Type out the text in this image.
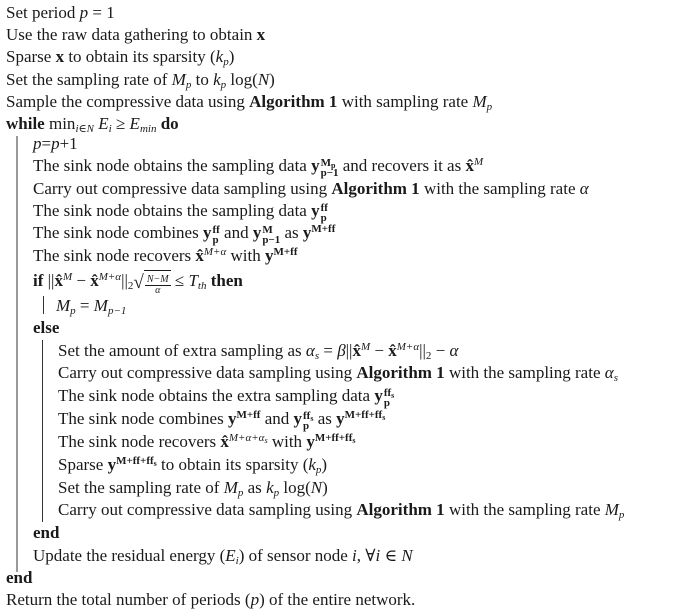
Set period p = 1
Use the raw data gathering to obtain x
Sparse x to obtain its sparsity $(k_p)$
Set the sampling rate of $M_p$ to $k_p$ log(N)
Sample the compressive data using Algorithm 1 with sampling rate $M_p$
while $\min_{i\in N} E_i \ge E_{min}$ do
p=p+1
The sink node obtains the sampling data y $M_p$
p−1 and recovers it as x̂$^M$
Carry out compressive data sampling using Algorithm 1 with the sampling rate α
The sink node obtains the sampling data y ff
p
The sink node combines y ff
p and y M
p−1 as $y^{M+ff}$
The sink node recovers x̂$^{M+\alpha}$ with $y^{M+ff}$
if ||x̂$^M$ − $x̂^{M+\alpha}||_2√ \frac{N-M}{\alpha} \le T_{th}$ then
$M_p = M_{p-1}$
else
Set the amount of extra sampling as $\alpha_s$ = β||x̂$^M$ − $x̂^{M+\alpha}||_2 - \alpha$
Carry out compressive data sampling using Algorithm 1 with the sampling rate $\alpha_s$
The sink node obtains the extra sampling data y $ff_s$
p
The sink node combines $y^{M+ff}$ and y $ff_s$
p as $y^{M+ff+ff_s}$
The sink node recovers x̂$^{M+\alpha+\alpha_s}$ with $y^{M+ff+ff_s}$
Sparse $y^{M+ff+ff_s}$ to obtain its sparsity $(k_p)$
Set the sampling rate of $M_p$ as $k_p$ log(N)
Carry out compressive data sampling using Algorithm 1 with the sampling rate $M_p$
end
Update the residual energy $(E_i)$ of sensor node i, ∀i ∈ N
end
Return the total number of periods (p) of the entire network.
